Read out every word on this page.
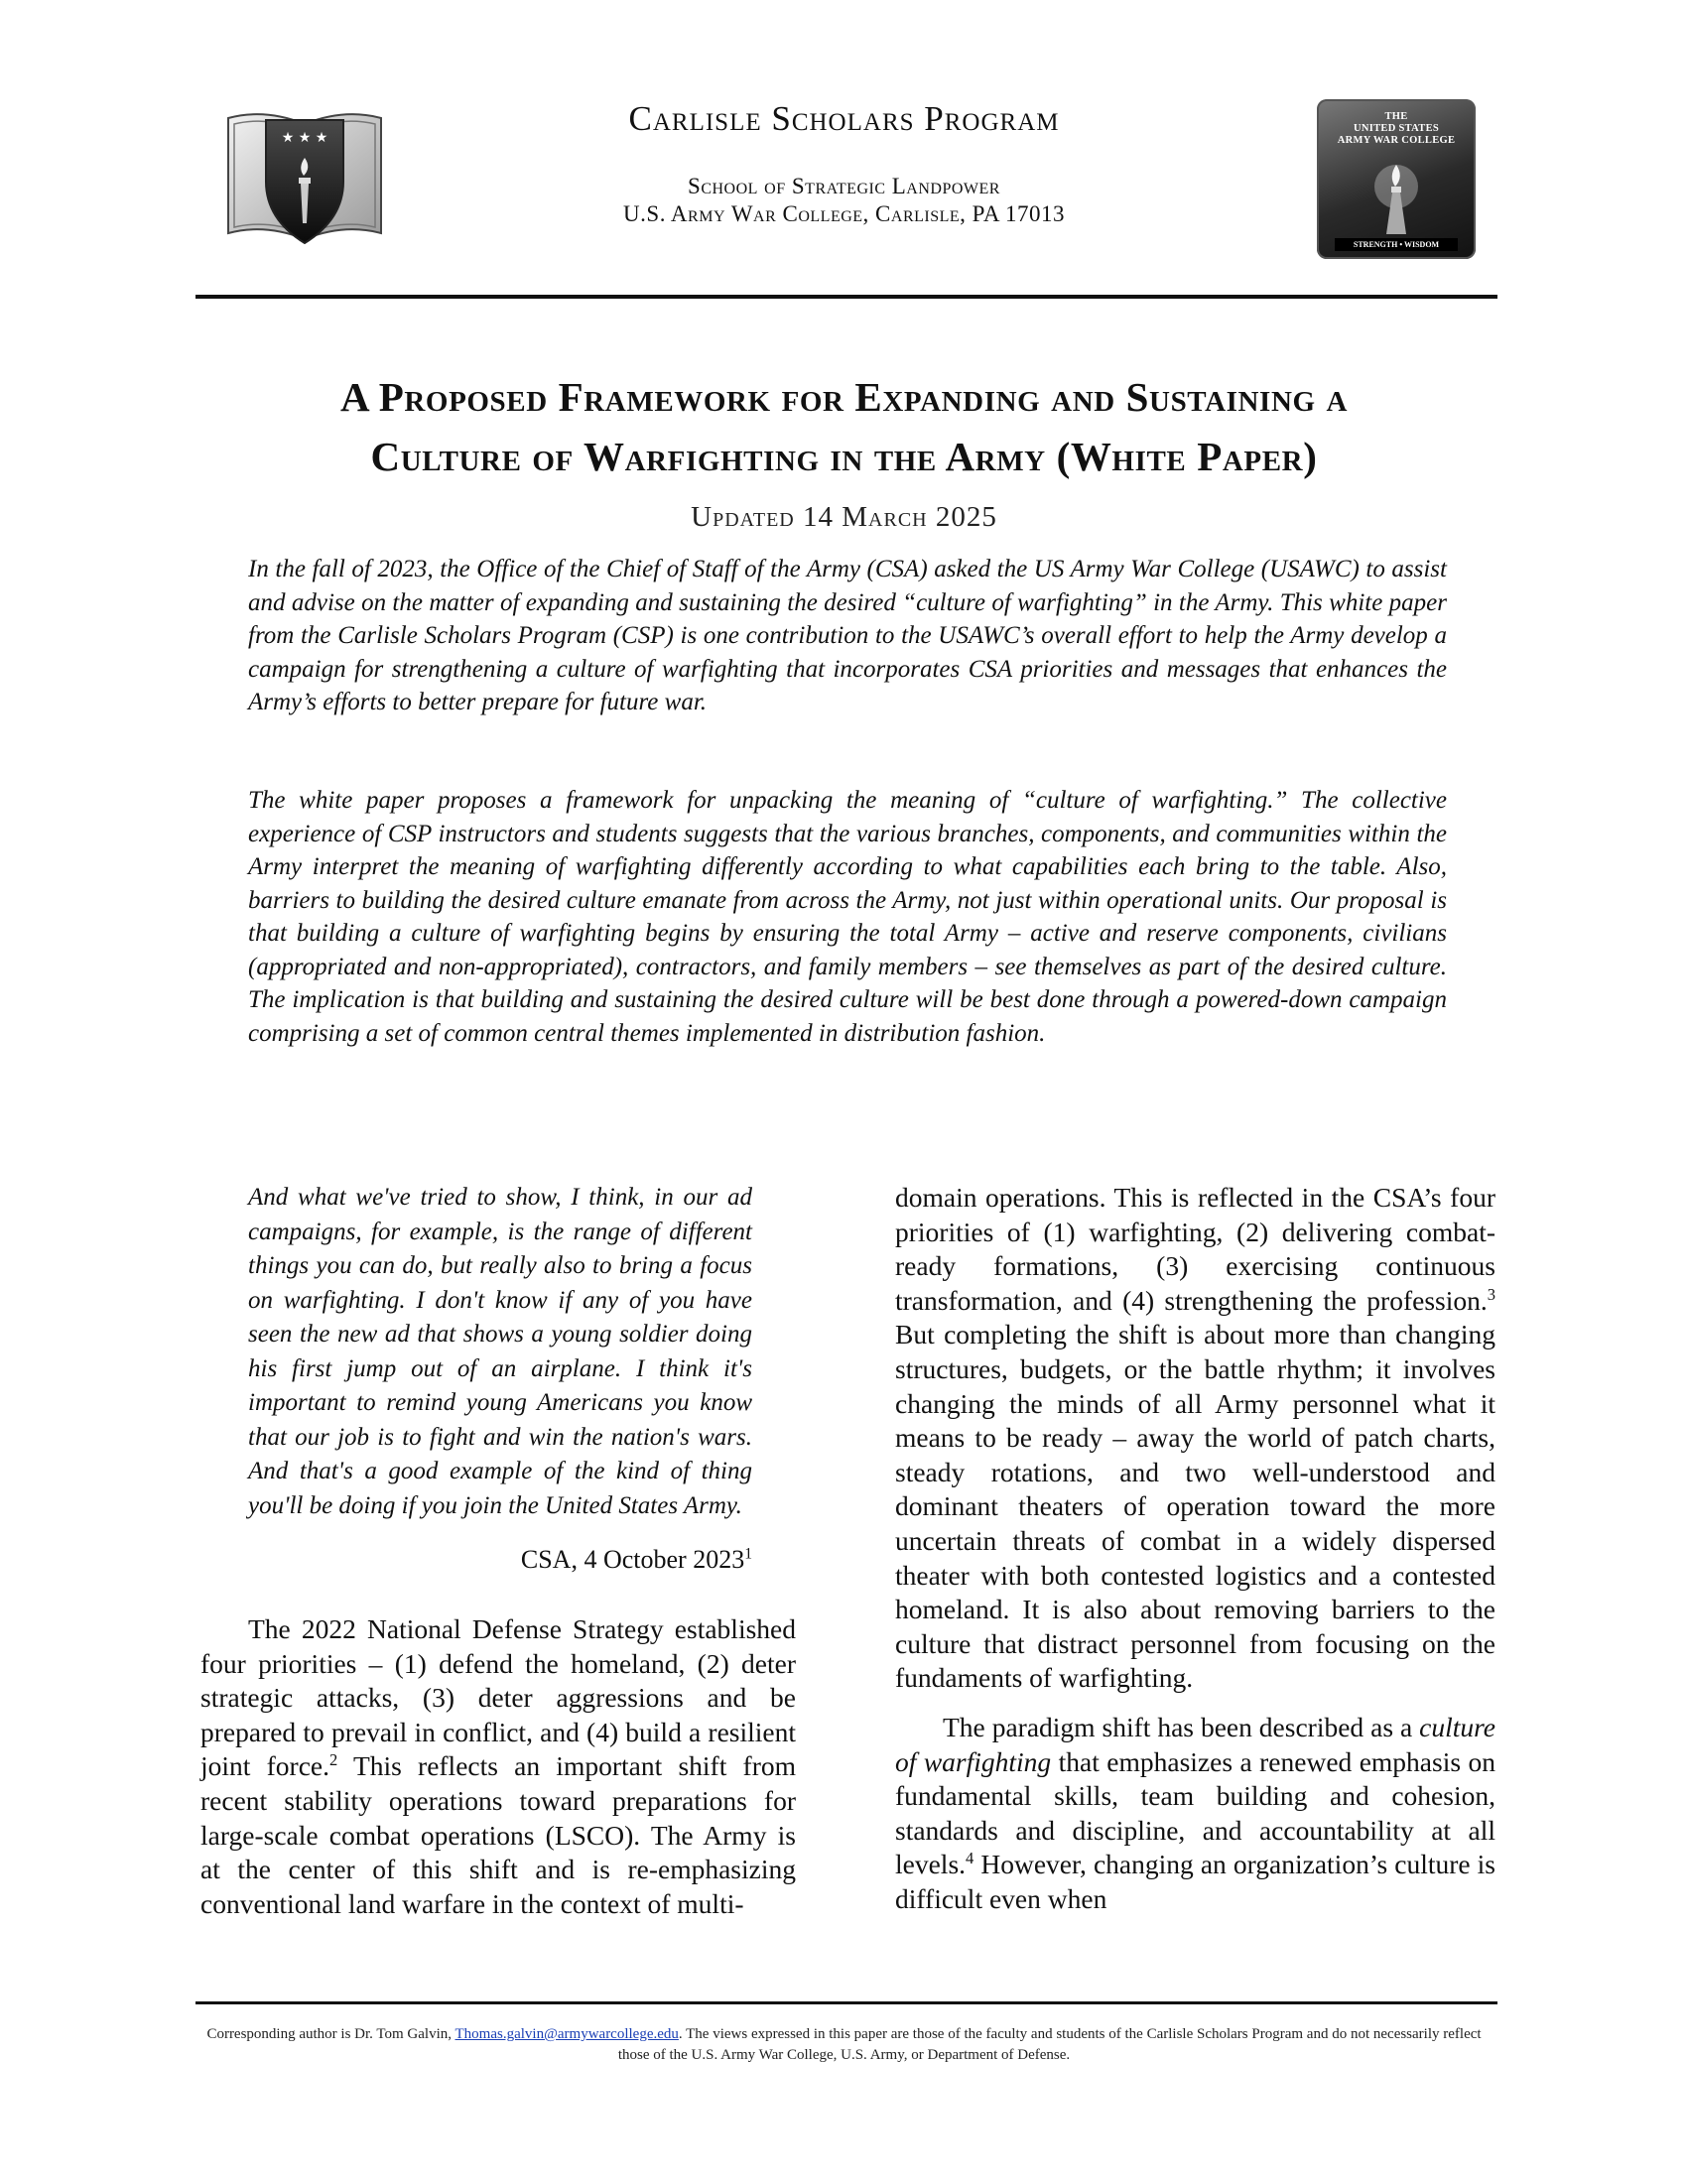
★ ★ ★	Carlisle Scholars Program
School of Strategic Landpower
U.S. Army War College, Carlisle, PA 17013
THE
UNITED STATES
ARMY WAR COLLEGE
STRENGTH • WISDOM
A Proposed Framework for Expanding and Sustaining a
Culture of Warfighting in the Army (White Paper)
Updated 14 March 2025

In the fall of 2023, the Office of the Chief of Staff of the Army (CSA) asked the US Army War College (USAWC) to assist and advise on the matter of expanding and sustaining the desired “culture of warfighting” in the Army. This white paper from the Carlisle Scholars Program (CSP) is one contribution to the USAWC’s overall effort to help the Army develop a campaign for strengthening a culture of warfighting that incorporates CSA priorities and messages that enhances the Army’s efforts to better prepare for future war.

The white paper proposes a framework for unpacking the meaning of “culture of warfighting.” The collective experience of CSP instructors and students suggests that the various branches, components, and communities within the Army interpret the meaning of warfighting differently according to what capabilities each bring to the table. Also, barriers to building the desired culture emanate from across the Army, not just within operational units. Our proposal is that building a culture of warfighting begins by ensuring the total Army – active and reserve components, civilians (appropriated and non-appropriated), contractors, and family members – see themselves as part of the desired culture. The implication is that building and sustaining the desired culture will be best done through a powered-down campaign comprising a set of common central themes implemented in distribution fashion.

And what we've tried to show, I think, in our ad campaigns, for example, is the range of different things you can do, but really also to bring a focus on warfighting. I don't know if any of you have seen the new ad that shows a young soldier doing his first jump out of an airplane. I think it's important to remind young Americans you know that our job is to fight and win the nation's wars. And that's a good example of the kind of thing you'll be doing if you join the United States Army.

CSA, 4 October 2023$^1$

The 2022 National Defense Strategy established four priorities – (1) defend the homeland, (2) deter strategic attacks, (3) deter aggressions and be prepared to prevail in conflict, and (4) build a resilient joint force.$^2$ This reflects an important shift from recent stability operations toward preparations for large-scale combat operations (LSCO). The Army is at the center of this shift and is re-emphasizing conventional land warfare in the context of multi-

domain operations. This is reflected in the CSA’s four priorities of (1) warfighting, (2) delivering combat-ready formations, (3) exercising continuous transformation, and (4) strengthening the profession.$^3$ But completing the shift is about more than changing structures, budgets, or the battle rhythm; it involves changing the minds of all Army personnel what it means to be ready – away the world of patch charts, steady rotations, and two well-understood and dominant theaters of operation toward the more uncertain threats of combat in a widely dispersed theater with both contested logistics and a contested homeland. It is also about removing barriers to the culture that distract personnel from focusing on the fundaments of warfighting.

The paradigm shift has been described as a culture of warfighting that emphasizes a renewed emphasis on fundamental skills, team building and cohesion, standards and discipline, and accountability at all levels.$^4$ However, changing an organization’s culture is difficult even when

Corresponding author is Dr. Tom Galvin, Thomas.galvin@armywarcollege.edu. The views expressed in this paper are those of the faculty and students of the Carlisle Scholars Program and do not necessarily reflect those of the U.S. Army War College, U.S. Army, or Department of Defense.
